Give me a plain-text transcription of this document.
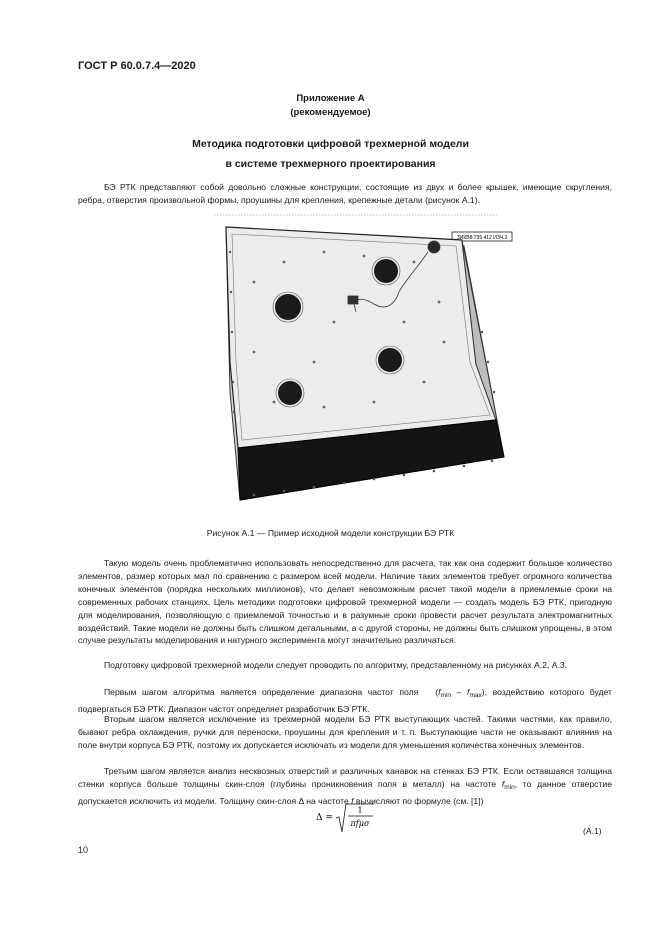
ГОСТ Р 60.0.7.4—2020
Приложение А
(рекомендуемое)
Методика подготовки цифровой трехмерной модели
в системе трехмерного проектирования
БЭ РТК представляют собой довольно сложные конструкции, состоящие из двух и более крышек, имеющие скругления, ребра, отверстия произвольной формы, проушины для крепления, крепежные детали (рисунок А.1).
ЗИКВ8.735.412 ИЗЧ.3
Рисунок А.1 — Пример исходной модели конструкции БЭ РТК
Такую модель очень проблематично использовать непосредственно для расчета, так как она содержит большое количество элементов, размер которых мал по сравнению с размером всей модели. Наличие таких элементов требует огромного количества конечных элементов (порядка нескольких миллионов), что делает невозможным расчет такой модели в приемлемые сроки на современных рабочих станциях. Цель методики подготовки цифровой трехмерной модели — создать модель БЭ РТК, пригодную для моделирования, позволяющую с приемлемой точностью и в разумные сроки провести расчет результата электромагнитных воздействий. Такие модели не должны быть слишком детальными, а с другой стороны, не должны быть слишком упрощены, в этом случае результаты моделирования и натурного эксперимента могут значительно различаться.
Подготовку цифровой трехмерной модели следует проводить по алгоритму, представленному на рисунках А.2, А.3.
Первым шагом алгоритма является определение диапазона частот поля   $(f_{min} - f_{max})$, воздействию которого будет подвергаться БЭ РТК. Диапазон частот определяет разработчик БЭ РТК.
Вторым шагом является исключение из трехмерной модели БЭ РТК выступающих частей. Такими частями, как правило, бывают ребра охлаждения, ручки для переноски, проушины для крепления и т. п. Выступающие части не оказывают влияния на поле внутри корпуса БЭ РТК, поэтому их допускается исключать из модели для уменьшения количества конечных элементов.
Третьим шагом является анализ несквозных отверстий и различных канавок на стенках БЭ РТК. Если оставшаяся толщина стенки корпуса больше толщины скин-слоя (глубины проникновения поля в металл) на частоте $f_{min}$, то данное отверстие допускается исключить из модели. Толщину скин-слоя Δ на частоте f вычисляют по формуле (см. [1])
Δ =
1
πfμσ
(А.1)
10
